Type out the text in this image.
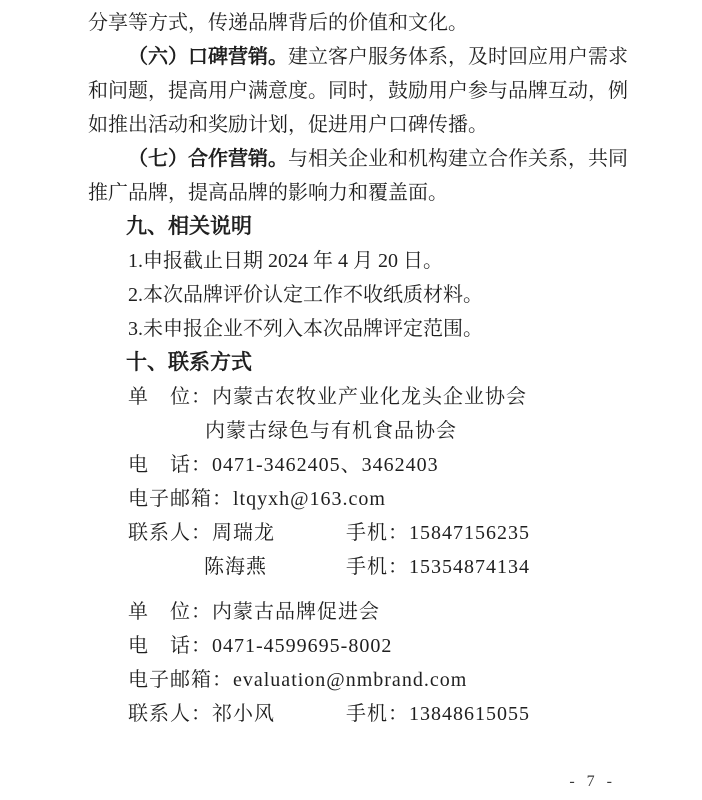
分享等方式，传递品牌背后的价值和文化。

（六）口碑营销。建立客户服务体系，及时回应用户需求和问题，提高用户满意度。同时，鼓励用户参与品牌互动，例如推出活动和奖励计划，促进用户口碑传播。

（七）合作营销。与相关企业和机构建立合作关系，共同推广品牌，提高品牌的影响力和覆盖面。

九、相关说明

1.申报截止日期 2024 年 4 月 20 日。

2.本次品牌评价认定工作不收纸质材料。

3.未申报企业不列入本次品牌评定范围。

十、联系方式

单　位：内蒙古农牧业产业化龙头企业协会

内蒙古绿色与有机食品协会

电　话：0471-3462405、3462403

电子邮箱：ltqyxh@163.com

联系人：周瑞龙	手机：15847156235

陈海燕	手机：15354874134

单　位：内蒙古品牌促进会

电　话：0471-4599695-8002

电子邮箱：evaluation@nmbrand.com

联系人：祁小风	手机：13848615055

- 7 -
